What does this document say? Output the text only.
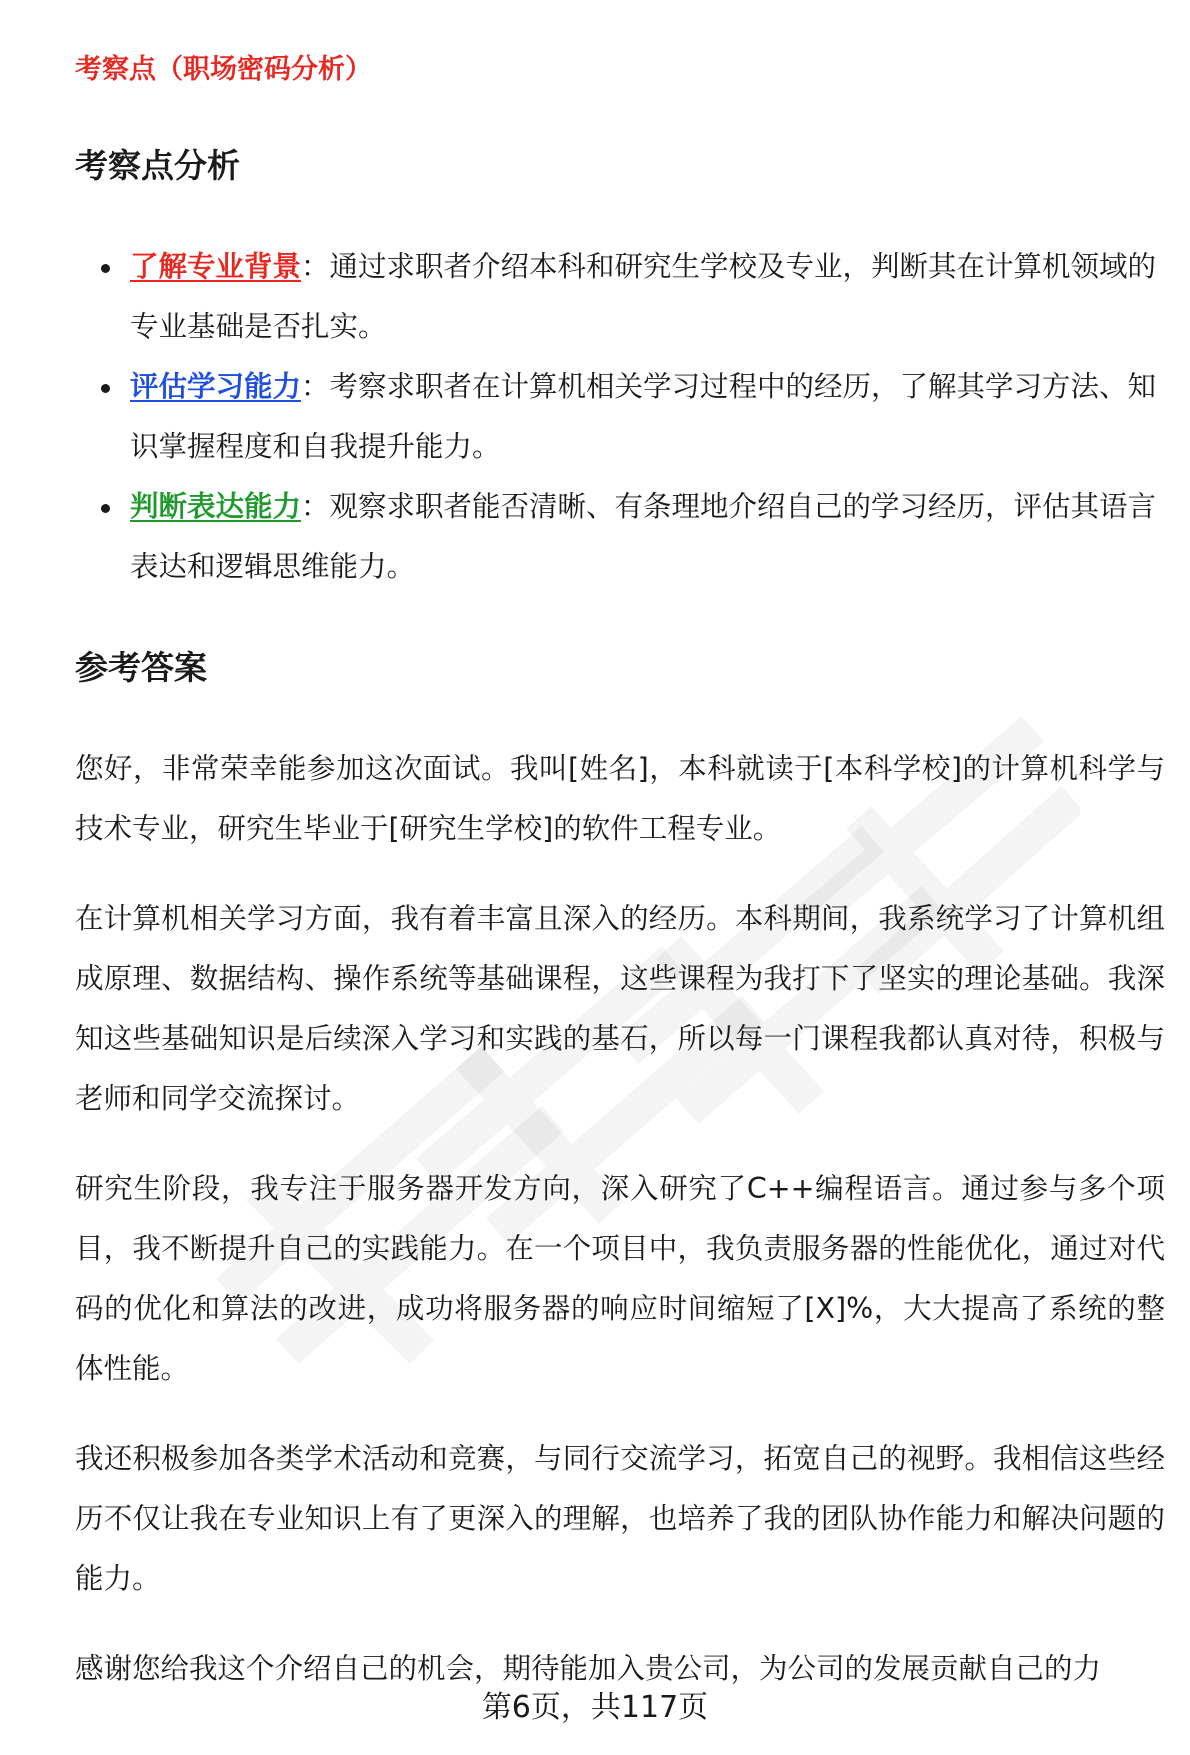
考察点（职场密码分析）

考察点分析
了解专业背景：通过求职者介绍本科和研究生学校及专业，判断其在计算机领域的专业基础是否扎实。
评估学习能力：考察求职者在计算机相关学习过程中的经历，了解其学习方法、知识掌握程度和自我提升能力。
判断表达能力：观察求职者能否清晰、有条理地介绍自己的学习经历，评估其语言表达和逻辑思维能力。
参考答案

您好，非常荣幸能参加这次面试。我叫[姓名]，本科就读于[本科学校]的计算机科学与技术专业，研究生毕业于[研究生学校]的软件工程专业。

在计算机相关学习方面，我有着丰富且深入的经历。本科期间，我系统学习了计算机组成原理、数据结构、操作系统等基础课程，这些课程为我打下了坚实的理论基础。我深知这些基础知识是后续深入学习和实践的基石，所以每一门课程我都认真对待，积极与老师和同学交流探讨。

研究生阶段，我专注于服务器开发方向，深入研究了C++编程语言。通过参与多个项目，我不断提升自己的实践能力。在一个项目中，我负责服务器的性能优化，通过对代码的优化和算法的改进，成功将服务器的响应时间缩短了[X]%，大大提高了系统的整体性能。

我还积极参加各类学术活动和竞赛，与同行交流学习，拓宽自己的视野。我相信这些经历不仅让我在专业知识上有了更深入的理解，也培养了我的团队协作能力和解决问题的能力。

感谢您给我这个介绍自己的机会，期待能加入贵公司，为公司的发展贡献自己的力

第6页，共117页
